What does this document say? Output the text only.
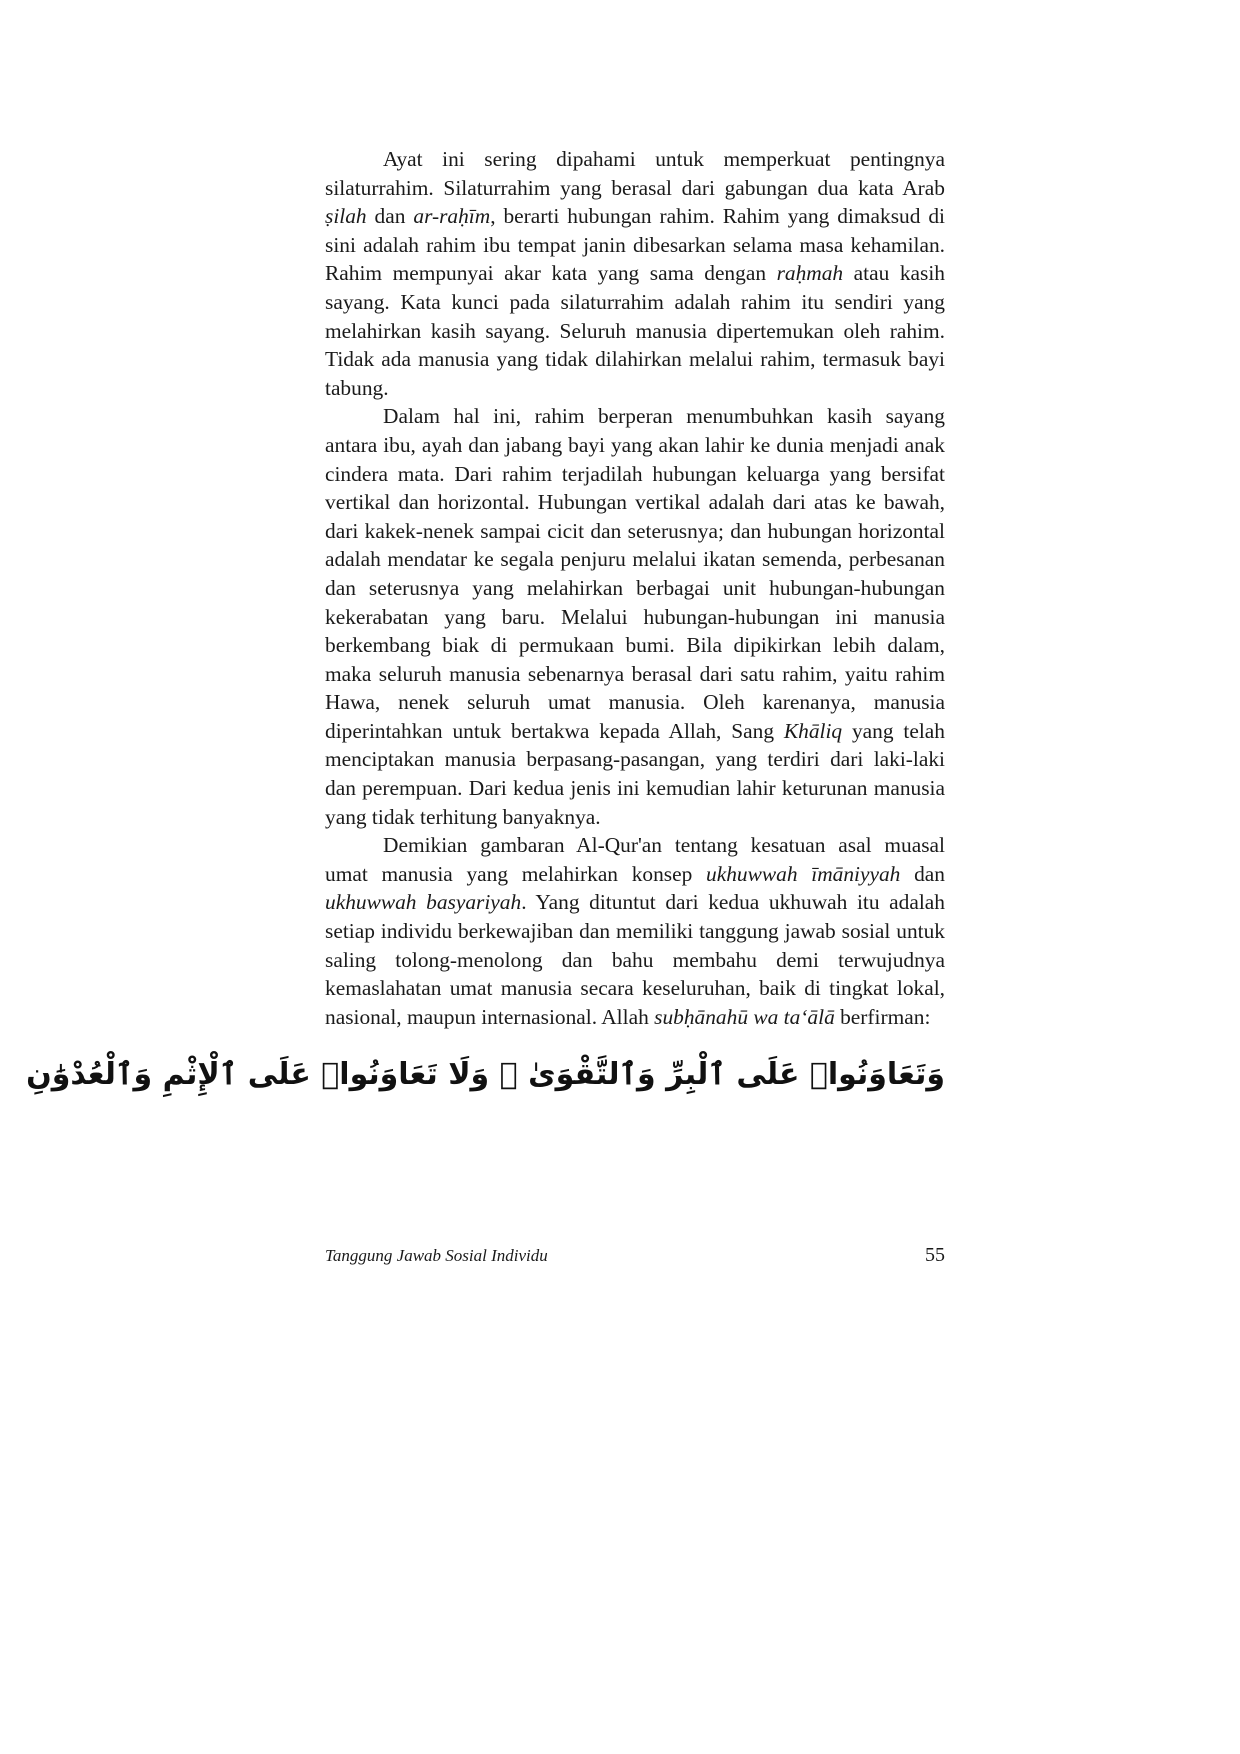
Ayat ini sering dipahami untuk memperkuat pentingnya silaturrahim. Silaturrahim yang berasal dari gabungan dua kata Arab ṣilah dan ar-raḥīm, berarti hubungan rahim. Rahim yang dimaksud di sini adalah rahim ibu tempat janin dibesarkan selama masa kehamilan. Rahim mempunyai akar kata yang sama dengan raḥmah atau kasih sayang. Kata kunci pada silaturrahim adalah rahim itu sendiri yang melahirkan kasih sayang. Seluruh manusia dipertemukan oleh rahim. Tidak ada manusia yang tidak dilahirkan melalui rahim, termasuk bayi tabung.

Dalam hal ini, rahim berperan menumbuhkan kasih sayang antara ibu, ayah dan jabang bayi yang akan lahir ke dunia menjadi anak cindera mata. Dari rahim terjadilah hubungan keluarga yang bersifat vertikal dan horizontal. Hubungan vertikal adalah dari atas ke bawah, dari kakek-nenek sampai cicit dan seterusnya; dan hubungan horizontal adalah mendatar ke segala penjuru melalui ikatan semenda, perbesanan dan seterusnya yang melahirkan berbagai unit hubungan-hubungan kekerabatan yang baru. Melalui hubungan-hubungan ini manusia berkembang biak di permukaan bumi. Bila dipikirkan lebih dalam, maka seluruh manusia sebenarnya berasal dari satu rahim, yaitu rahim Hawa, nenek seluruh umat manusia. Oleh karenanya, manusia diperintahkan untuk bertakwa kepada Allah, Sang Khāliq yang telah menciptakan manusia berpasang-pasangan, yang terdiri dari laki-laki dan perempuan. Dari kedua jenis ini kemudian lahir keturunan manusia yang tidak terhitung banyaknya.

Demikian gambaran Al-Qur'an tentang kesatuan asal muasal umat manusia yang melahirkan konsep ukhuwwah īmāniyyah dan ukhuwwah basyariyah. Yang dituntut dari kedua ukhuwah itu adalah setiap individu berkewajiban dan memiliki tanggung jawab sosial untuk saling tolong-menolong dan bahu membahu demi terwujudnya kemaslahatan umat manusia secara keseluruhan, baik di tingkat lokal, nasional, maupun internasional. Allah subḥānahū wa ta‘ālā berfirman:

وَتَعَاوَنُوا۟ عَلَى ٱلْبِرِّ وَٱلتَّقْوَىٰ ۖ وَلَا تَعَاوَنُوا۟ عَلَى ٱلْإِثْمِ وَٱلْعُدْوَٰنِ
Tanggung Jawab Sosial Individu	55
